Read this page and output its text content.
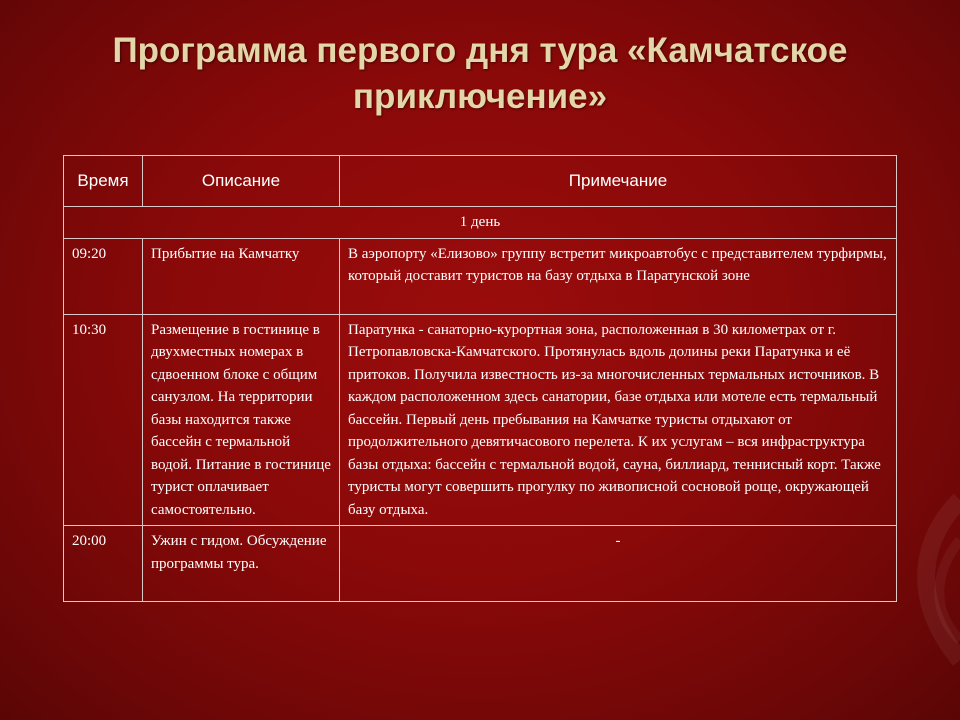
Программа первого дня тура «Камчатское приключение»
Время	Описание	Примечание
1 день		
09:20	Прибытие на Камчатку	В аэропорту «Елизово» группу встретит микроавтобус с представителем турфирмы, который доставит туристов на базу отдыха в Паратунской зоне
10:30	Размещение в гостинице в двухместных номерах в сдвоенном блоке с общим санузлом. На территории базы находится также бассейн с термальной водой. Питание в гостинице турист оплачивает самостоятельно.	Паратунка - санаторно-курортная зона, расположенная в 30 километрах от г. Петропавловска-Камчатского. Протянулась вдоль долины реки Паратунка и её притоков. Получила известность из-за многочисленных термальных источников. В каждом расположенном здесь санатории, базе отдыха или мотеле есть термальный бассейн. Первый день пребывания на Камчатке туристы отдыхают от продолжительного девятичасового перелета. К их услугам – вся инфраструктура базы отдыха: бассейн с термальной водой, сауна, биллиард, теннисный корт. Также туристы могут совершить прогулку по живописной сосновой роще, окружающей базу отдыха.
20:00	Ужин с гидом. Обсуждение программы тура.	-
